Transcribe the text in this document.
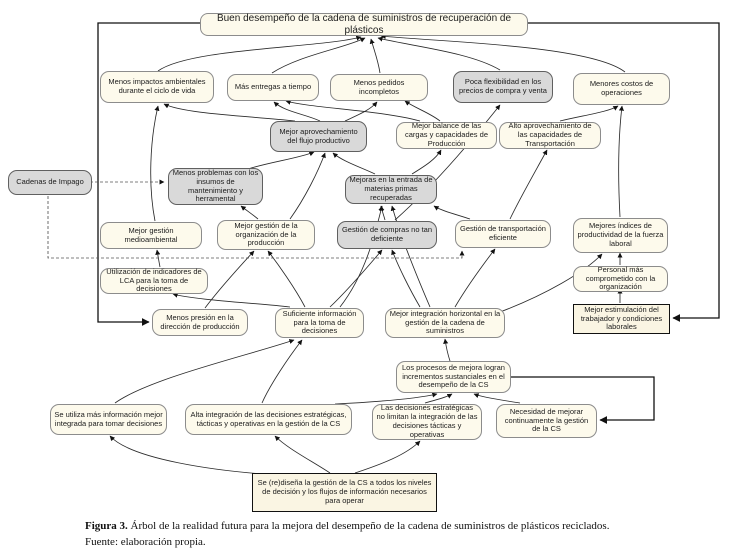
Buen desempeño de la cadena de suministros de recuperación de plásticos
Menos impactos ambientales durante el ciclo de vida	Más entregas a tiempo	Menos pedidos incompletos
Poca flexibilidad en los precios de compra y venta
Menores costos de operaciones
Mejor aprovechamiento del flujo productivo
Mejor balance de las cargas y capacidades de Producción
Alto aprovechamiento de las capacidades de Transportación
Cadenas de Impago
Menos problemas con los insumos de mantenimiento y herramental
Mejoras en la entrada de materias primas recuperadas
Mejor gestión medioambiental
Mejor gestión de la organización de la producción
Gestión de compras no tan deficiente
Gestión de transportación eficiente
Mejores índices de productividad de la fuerza laboral
Utilización de indicadores de LCA para la toma de decisiones
Personal más comprometido con la organización
Menos presión en la dirección de producción
Suficiente información para la toma de decisiones
Mejor integración horizontal en la gestión de la cadena de suministros
Mejor estimulación del trabajador y condiciones laborales
Los procesos de mejora logran incrementos sustanciales en el desempeño de la CS
Se utiliza más información mejor integrada para tomar decisiones
Alta integración de las decisiones estratégicas, tácticas y operativas en la gestión de la CS
Las decisiones estratégicas no limitan la integración de las decisiones tácticas y operativas
Necesidad de mejorar continuamente la gestión de la CS
Se (re)diseña la gestión de la CS a todos los niveles de decisión y los flujos de información necesarios para operar
Figura 3. Árbol de la realidad futura para la mejora del desempeño de la cadena de suministros de plásticos reciclados.
Fuente: elaboración propia.
